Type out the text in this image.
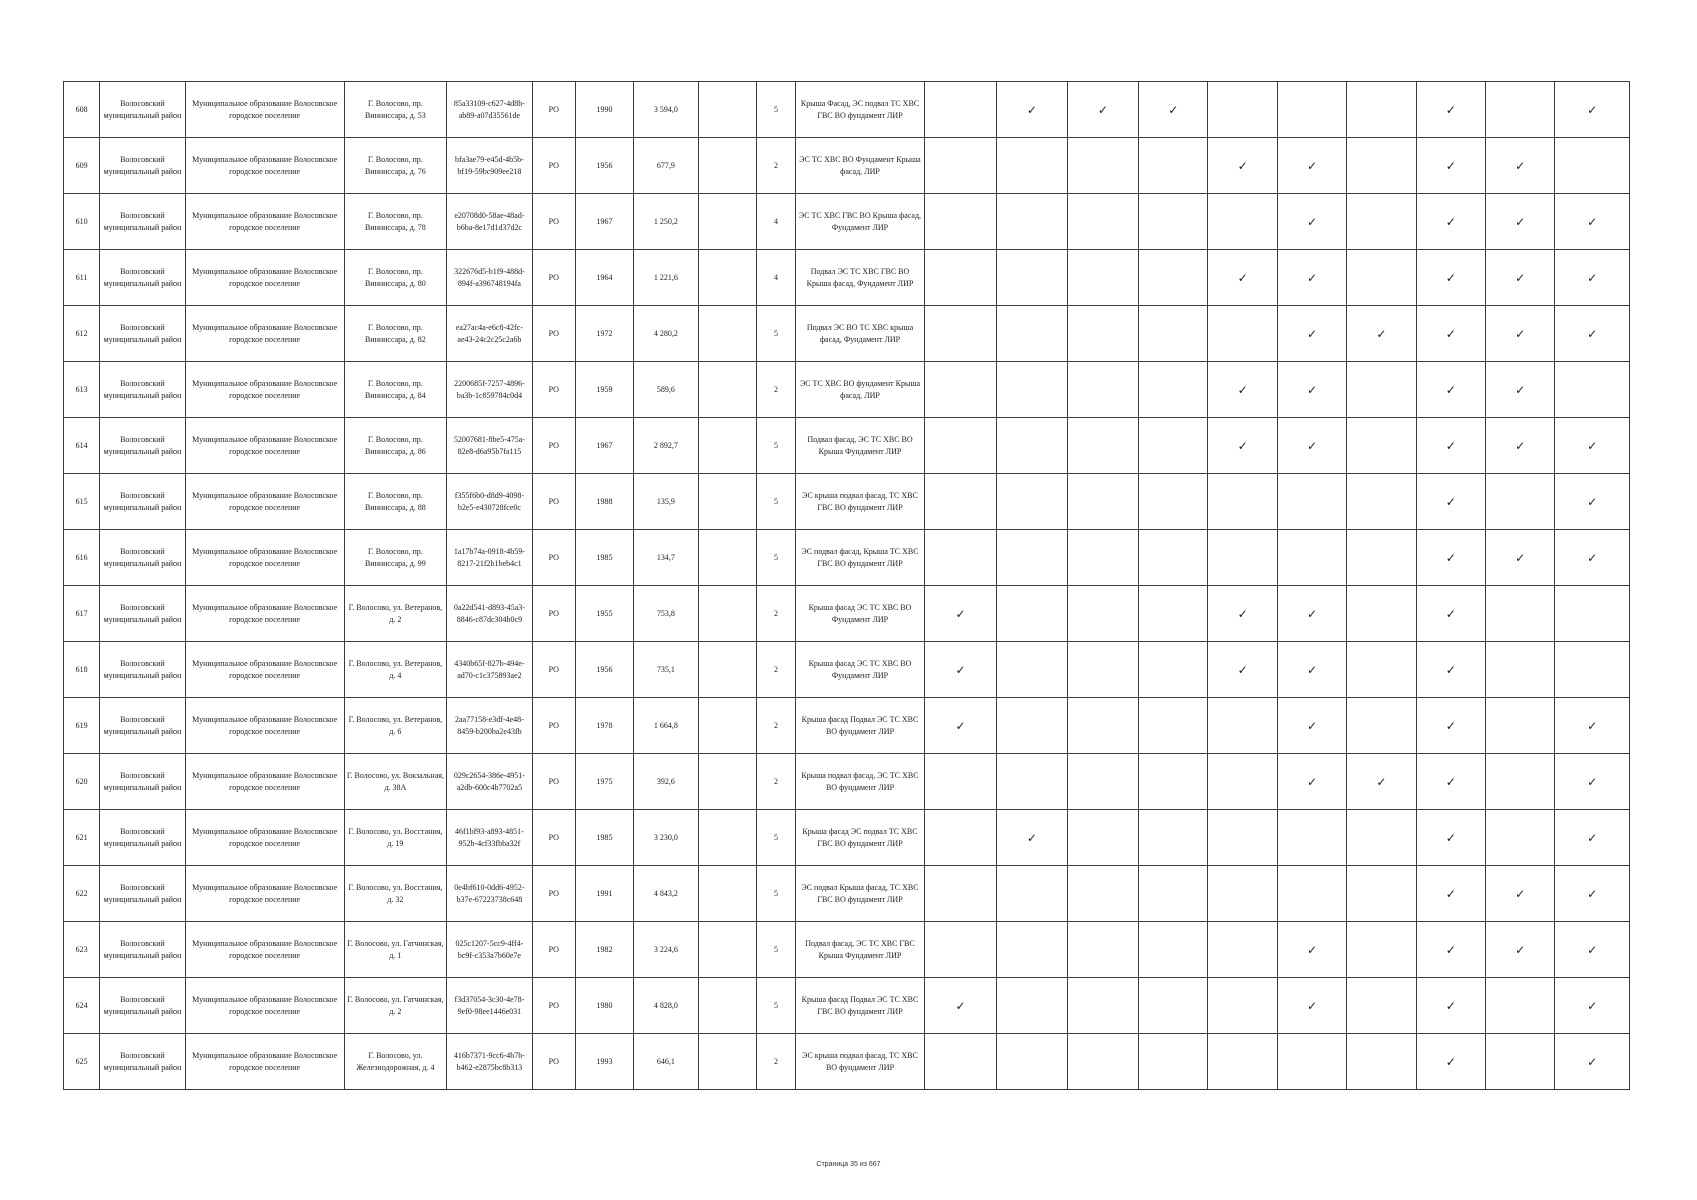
608	Волосовский муниципальный район	Муниципальное образование Волосовское городское поселение	Г. Волосово, пр. Винниссара, д. 53	85a33109-c627-4d8b-ab89-a07d35561de	РО	1990	3 594,0		5	Крыша Фасад, ЭС подвал ТС ХВС ГВС ВО фундамент ЛИР		✓	✓	✓				✓		✓
609	Волосовский муниципальный район	Муниципальное образование Волосовское городское поселение	Г. Волосово, пр. Винниссара, д. 76	bfa3ae79-e45d-4b5b-bf19-59bc909ee218	РО	1956	677,9		2	ЭС ТС ХВС ВО Фундамент Крыша фасад, ЛИР					✓	✓		✓	✓	
610	Волосовский муниципальный район	Муниципальное образование Волосовское городское поселение	Г. Волосово, пр. Винниссара, д. 78	e20708d0-58ae-48ad-b6ba-8e17d1d37d2c	РО	1967	1 250,2		4	ЭС ТС ХВС ГВС ВО Крыша фасад, Фундамент ЛИР						✓		✓	✓	✓
611	Волосовский муниципальный район	Муниципальное образование Волосовское городское поселение	Г. Волосово, пр. Винниссара, д. 80	322676d5-b1f9-488d-894f-a396748194fa	РО	1964	1 221,6		4	Подвал ЭС ТС ХВС ГВС ВО Крыша фасад, Фундамент ЛИР					✓	✓		✓	✓	✓
612	Волосовский муниципальный район	Муниципальное образование Волосовское городское поселение	Г. Волосово, пр. Винниссара, д. 82	ea27ac4a-e6c8-42fc-ae43-24c2c25c2a6b	РО	1972	4 280,2		5	Подвал ЭС ВО ТС ХВС крыша фасад, Фундамент ЛИР						✓	✓	✓	✓	✓
613	Волосовский муниципальный район	Муниципальное образование Волосовское городское поселение	Г. Волосово, пр. Винниссара, д. 84	2200685f-7257-4896-ba3b-1c859784c0d4	РО	1959	589,6		2	ЭС ТС ХВС ВО фундамент Крыша фасад, ЛИР					✓	✓		✓	✓	
614	Волосовский муниципальный район	Муниципальное образование Волосовское городское поселение	Г. Волосово, пр. Винниссара, д. 86	52007681-8be5-475a-82e8-d6a95b7fa115	РО	1967	2 892,7		5	Подвал фасад, ЭС ТС ХВС ВО Крыша Фундамент ЛИР					✓	✓		✓	✓	✓
615	Волосовский муниципальный район	Муниципальное образование Волосовское городское поселение	Г. Волосово, пр. Винниссара, д. 88	f355f6b0-d8d9-4098-b2e5-e430728fce0c	РО	1988	135,9		5	ЭС крыша подвал фасад, ТС ХВС ГВС ВО фундамент ЛИР								✓		✓
616	Волосовский муниципальный район	Муниципальное образование Волосовское городское поселение	Г. Волосово, пр. Винниссара, д. 99	1a17b74a-0918-4b59-8217-21f2b1beb4c1	РО	1985	134,7		5	ЭС подвал фасад, Крыша ТС ХВС ГВС ВО фундамент ЛИР								✓	✓	✓
617	Волосовский муниципальный район	Муниципальное образование Волосовское городское поселение	Г. Волосово, ул. Ветеранов, д. 2	0a22d541-d893-45a3-8846-c87dc304b0c9	РО	1955	753,8		2	Крыша фасад ЭС ТС ХВС ВО Фундамент ЛИР	✓				✓	✓		✓		
618	Волосовский муниципальный район	Муниципальное образование Волосовское городское поселение	Г. Волосово, ул. Ветеранов, д. 4	4340b65f-827b-494e-ad70-c1c375893ae2	РО	1956	735,1		2	Крыша фасад ЭС ТС ХВС ВО Фундамент ЛИР	✓				✓	✓		✓		
619	Волосовский муниципальный район	Муниципальное образование Волосовское городское поселение	Г. Волосово, ул. Ветеранов, д. 6	2aa77158-e3df-4e48-8459-b200ba2e43fb	РО	1978	1 664,8		2	Крыша фасад Подвал ЭС ТС ХВС ВО фундамент ЛИР	✓					✓		✓		✓
620	Волосовский муниципальный район	Муниципальное образование Волосовское городское поселение	Г. Волосово, ул. Вокзальная, д. 38А	029c2654-386e-4951-a2db-600c4b7702a5	РО	1975	392,6		2	Крыша подвал фасад, ЭС ТС ХВС ВО фундамент ЛИР						✓	✓	✓		✓
621	Волосовский муниципальный район	Муниципальное образование Волосовское городское поселение	Г. Волосово, ул. Восстания, д. 19	46f1bf93-a893-4851-952b-4cf33fbba32f	РО	1985	3 230,0		5	Крыша фасад ЭС подвал ТС ХВС ГВС ВО фундамент ЛИР		✓						✓		✓
622	Волосовский муниципальный район	Муниципальное образование Волосовское городское поселение	Г. Волосово, ул. Восстания, д. 32	0e4bf610-0dd6-4952-b37e-67223738c648	РО	1991	4 843,2		5	ЭС подвал Крыша фасад, ТС ХВС ГВС ВО фундамент ЛИР								✓	✓	✓
623	Волосовский муниципальный район	Муниципальное образование Волосовское городское поселение	Г. Волосово, ул. Гатчинская, д. 1	025c1207-5cc9-4ff4-bc9f-c353a7b60e7e	РО	1982	3 224,6		5	Подвал фасад, ЭС ТС ХВС ГВС Крыша Фундамент ЛИР						✓		✓	✓	✓
624	Волосовский муниципальный район	Муниципальное образование Волосовское городское поселение	Г. Волосово, ул. Гатчинская, д. 2	f3d37054-3c30-4e78-9ef0-98ee1446e031	РО	1980	4 828,0		5	Крыша фасад Подвал ЭС ТС ХВС ГВС ВО фундамент ЛИР	✓					✓		✓		✓
625	Волосовский муниципальный район	Муниципальное образование Волосовское городское поселение	Г. Волосово, ул. Железнодорожная, д. 4	416b7371-9cc6-4b7b-b462-e2875bc8b313	РО	1993	646,1		2	ЭС крыша подвал фасад, ТС ХВС ВО фундамент ЛИР								✓		✓
Страница 35 из 667
